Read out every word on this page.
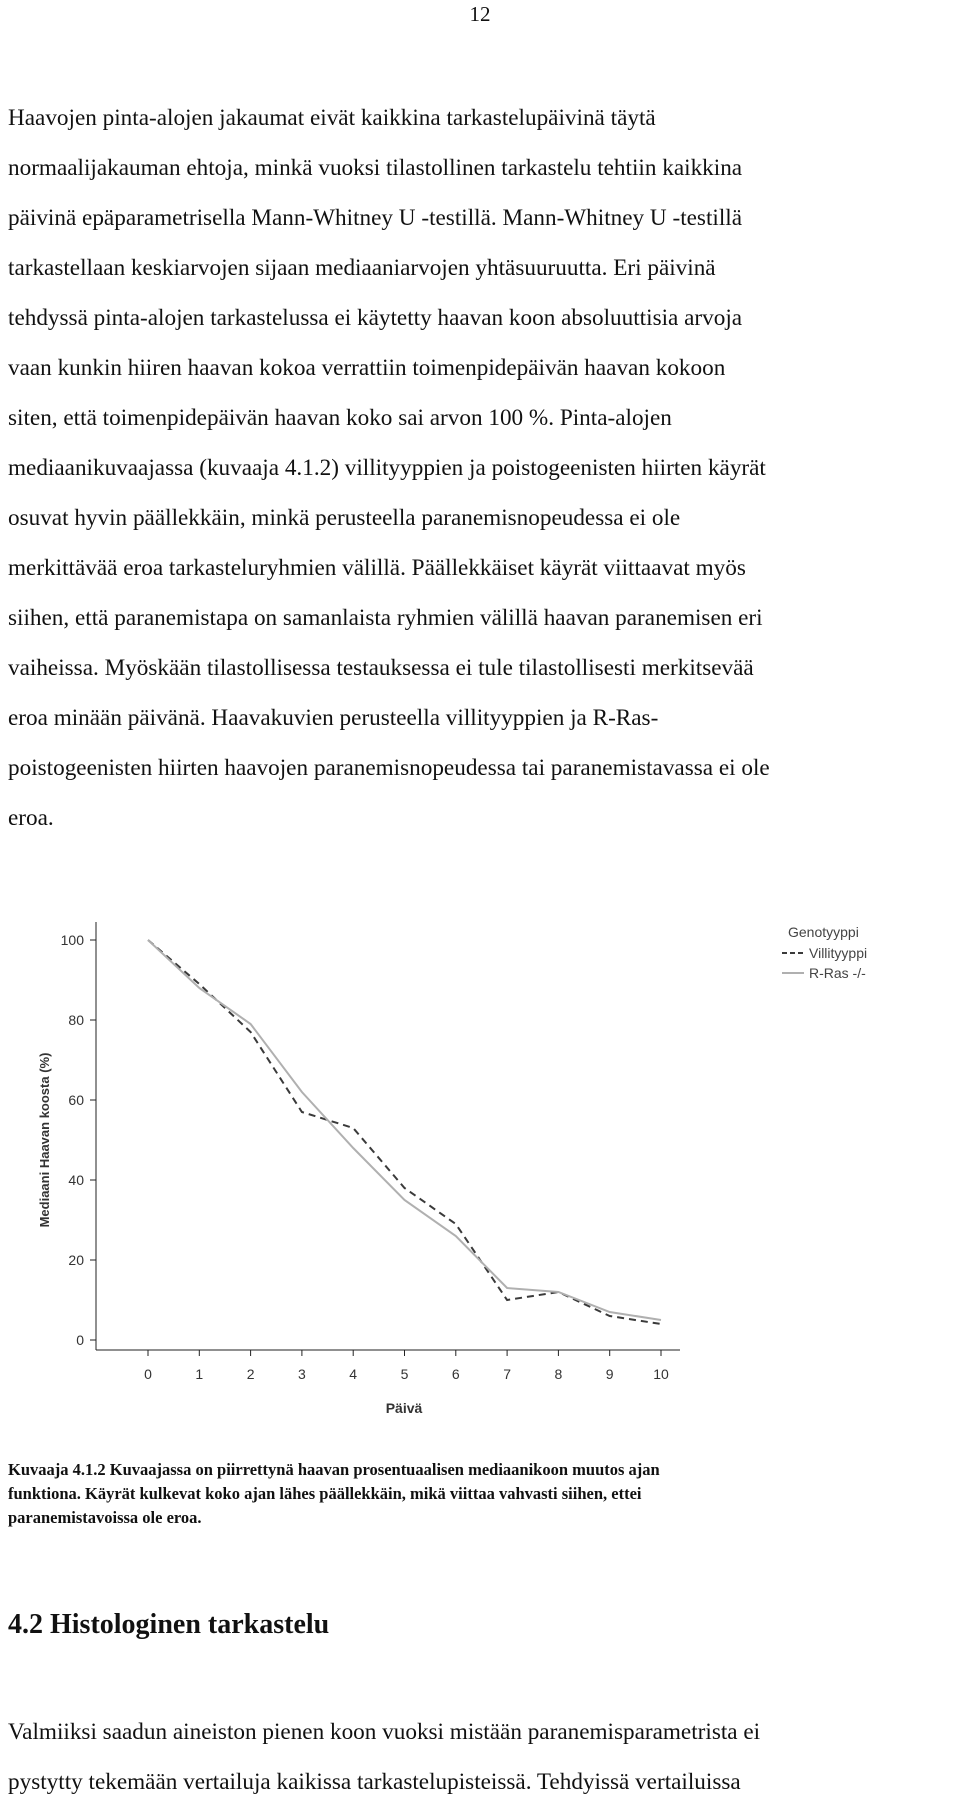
12
Haavojen pinta-alojen jakaumat eivät kaikkina tarkastelupäivinä täytä
normaalijakauman ehtoja, minkä vuoksi tilastollinen tarkastelu tehtiin kaikkina
päivinä epäparametrisella Mann-Whitney U -testillä. Mann-Whitney U -testillä
tarkastellaan keskiarvojen sijaan mediaaniarvojen yhtäsuuruutta. Eri päivinä
tehdyssä pinta-alojen tarkastelussa ei käytetty haavan koon absoluuttisia arvoja
vaan kunkin hiiren haavan kokoa verrattiin toimenpidepäivän haavan kokoon
siten, että toimenpidepäivän haavan koko sai arvon 100 %. Pinta-alojen
mediaanikuvaajassa (kuvaaja 4.1.2) villityyppien ja poistogeenisten hiirten käyrät
osuvat hyvin päällekkäin, minkä perusteella paranemisnopeudessa ei ole
merkittävää eroa tarkasteluryhmien välillä. Päällekkäiset käyrät viittaavat myös
siihen, että paranemistapa on samanlaista ryhmien välillä haavan paranemisen eri
vaiheissa. Myöskään tilastollisessa testauksessa ei tule tilastollisesti merkitsevää
eroa minään päivänä. Haavakuvien perusteella villityyppien ja R-Ras-
poistogeenisten hiirten haavojen paranemisnopeudessa tai paranemistavassa ei ole
eroa.
0
20
40
60
80
100
0	1	2	3	4	5	6	7	8	9	10
Päivä
Mediaani Haavan koosta (%)
Genotyyppi
Villityyppi
R-Ras -/-
Kuvaaja 4.1.2 Kuvaajassa on piirrettynä haavan prosentuaalisen mediaanikoon muutos ajan
funktiona. Käyrät kulkevat koko ajan lähes päällekkäin, mikä viittaa vahvasti siihen, ettei
paranemistavoissa ole eroa.
4.2 Histologinen tarkastelu
Valmiiksi saadun aineiston pienen koon vuoksi mistään paranemisparametrista ei
pystytty tekemään vertailuja kaikissa tarkastelupisteissä. Tehdyissä vertailuissa
